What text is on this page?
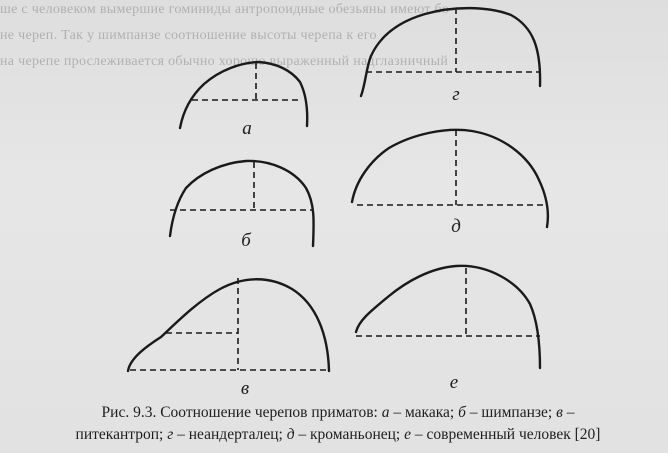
ше с человеком вымершие гоминиды антропоидные обезьяны имеют бо
не череп. Так у шимпанзе соотношение высоты черепа к его
на черепе прослеживается обычно хорошо выраженный надглазничный
а
б
в
г
д
е
Рис. 9.3. Соотношение черепов приматов: а – макака; б – шимпанзе; в –
питекантроп; г – неандерталец; д – кроманьонец; е – современный человек [20]
